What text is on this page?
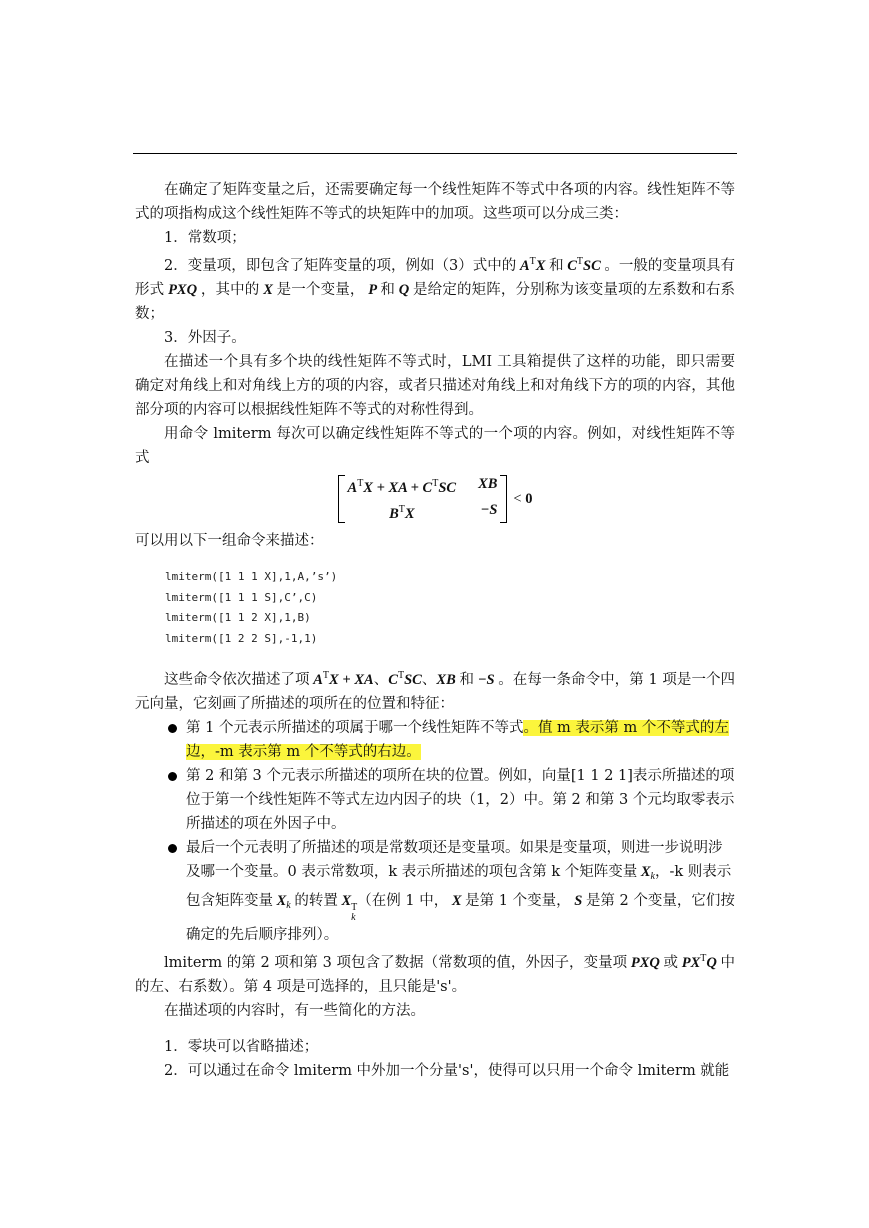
在确定了矩阵变量之后，还需要确定每一个线性矩阵不等式中各项的内容。线性矩阵不等式的项指构成这个线性矩阵不等式的块矩阵中的加项。这些项可以分成三类：

1．常数项；

2．变量项，即包含了矩阵变量的项，例如（3）式中的 $A^TX$ 和 $C^TSC$ 。一般的变量项具有形式 PXQ ，其中的 X 是一个变量， P 和 Q 是给定的矩阵，分别称为该变量项的左系数和右系数；

3．外因子。

在描述一个具有多个块的线性矩阵不等式时，LMI 工具箱提供了这样的功能，即只需要确定对角线上和对角线上方的项的内容，或者只描述对角线上和对角线下方的项的内容，其他部分项的内容可以根据线性矩阵不等式的对称性得到。

用命令 lmiterm 每次可以确定线性矩阵不等式的一个项的内容。例如，对线性矩阵不等式

$A^TX$ + XA + $C^TSC$ XB
$B^TX$	−S
< 0

可以用以下一组命令来描述：

lmiterm([1 1 1 X],1,A,’s’)
lmiterm([1 1 1 S],C’,C)
lmiterm([1 1 2 X],1,B)
lmiterm([1 2 2 S],-1,1)

这些命令依次描述了项 $A^TX$ + XA、$C^TSC$、XB 和 −S 。在每一条命令中，第 1 项是一个四元向量，它刻画了所描述的项所在的位置和特征：

第 1 个元表示所描述的项属于哪一个线性矩阵不等式。值 m 表示第 m 个不等式的左边，-m 表示第 m 个不等式的右边。
第 2 和第 3 个元表示所描述的项所在块的位置。例如，向量[1 1 2 1]表示所描述的项位于第一个线性矩阵不等式左边内因子的块（1，2）中。第 2 和第 3 个元均取零表示所描述的项在外因子中。
最后一个元表明了所描述的项是常数项还是变量项。如果是变量项，则进一步说明涉及哪一个变量。0 表示常数项，k 表示所描述的项包含第 k 个矩阵变量 $X_k$，-k 则表示包含矩阵变量 $X_k$ 的转置 X T
k
（在例 1 中， X 是第 1 个变量， S 是第 2 个变量，它们按确定的先后顺序排列）。

lmiterm 的第 2 项和第 3 项包含了数据（常数项的值，外因子，变量项 PXQ 或 $PX^TQ$ 中的左、右系数）。第 4 项是可选择的，且只能是's'。

在描述项的内容时，有一些简化的方法。

1．零块可以省略描述；

2．可以通过在命令 lmiterm 中外加一个分量's'，使得可以只用一个命令 lmiterm 就能
